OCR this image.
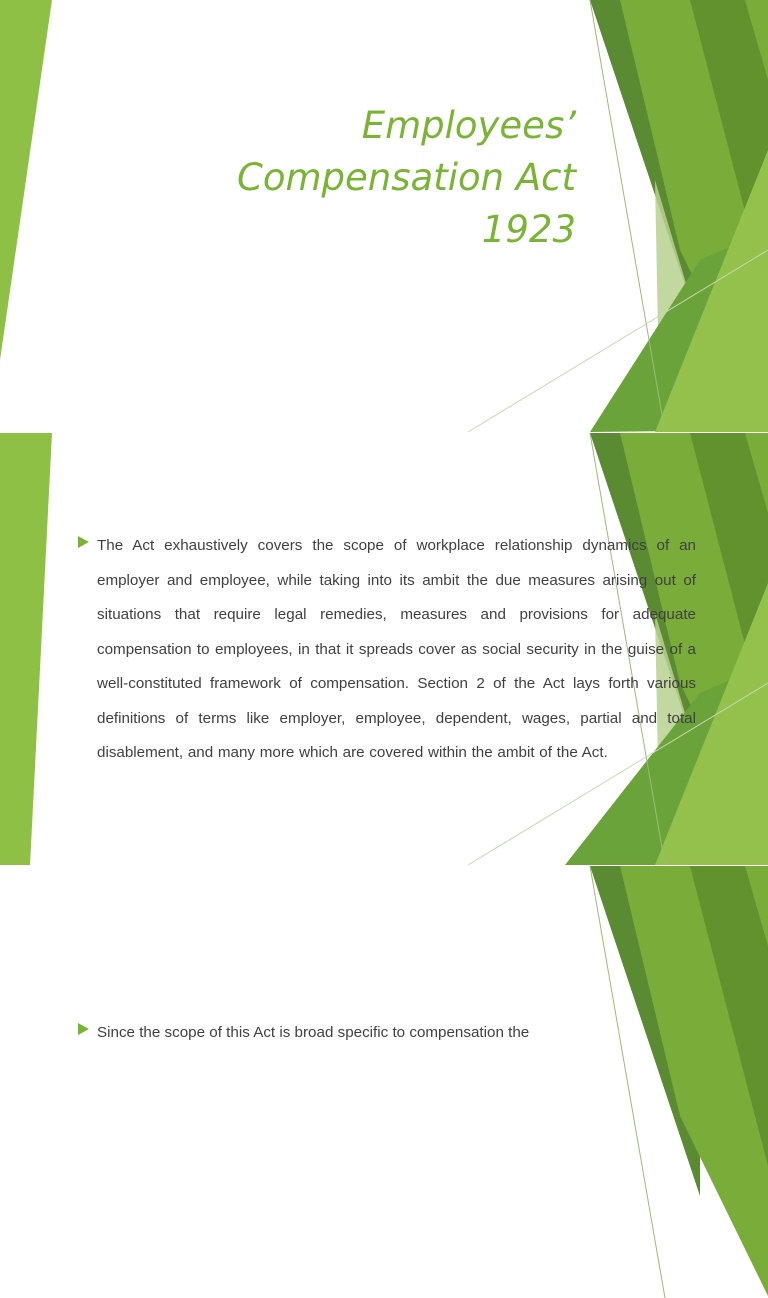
Employees’ Compensation Act 1923

The Act exhaustively covers the scope of workplace relationship dynamics of an employer and employee, while taking into its ambit the due measures arising out of situations that require legal remedies, measures and provisions for adequate compensation to employees, in that it spreads cover as social security in the guise of a well-constituted framework of compensation. Section 2 of the Act lays forth various definitions of terms like employer, employee, dependent, wages, partial and total disablement, and many more which are covered within the ambit of the Act.

Since the scope of this Act is broad specific to compensation the
